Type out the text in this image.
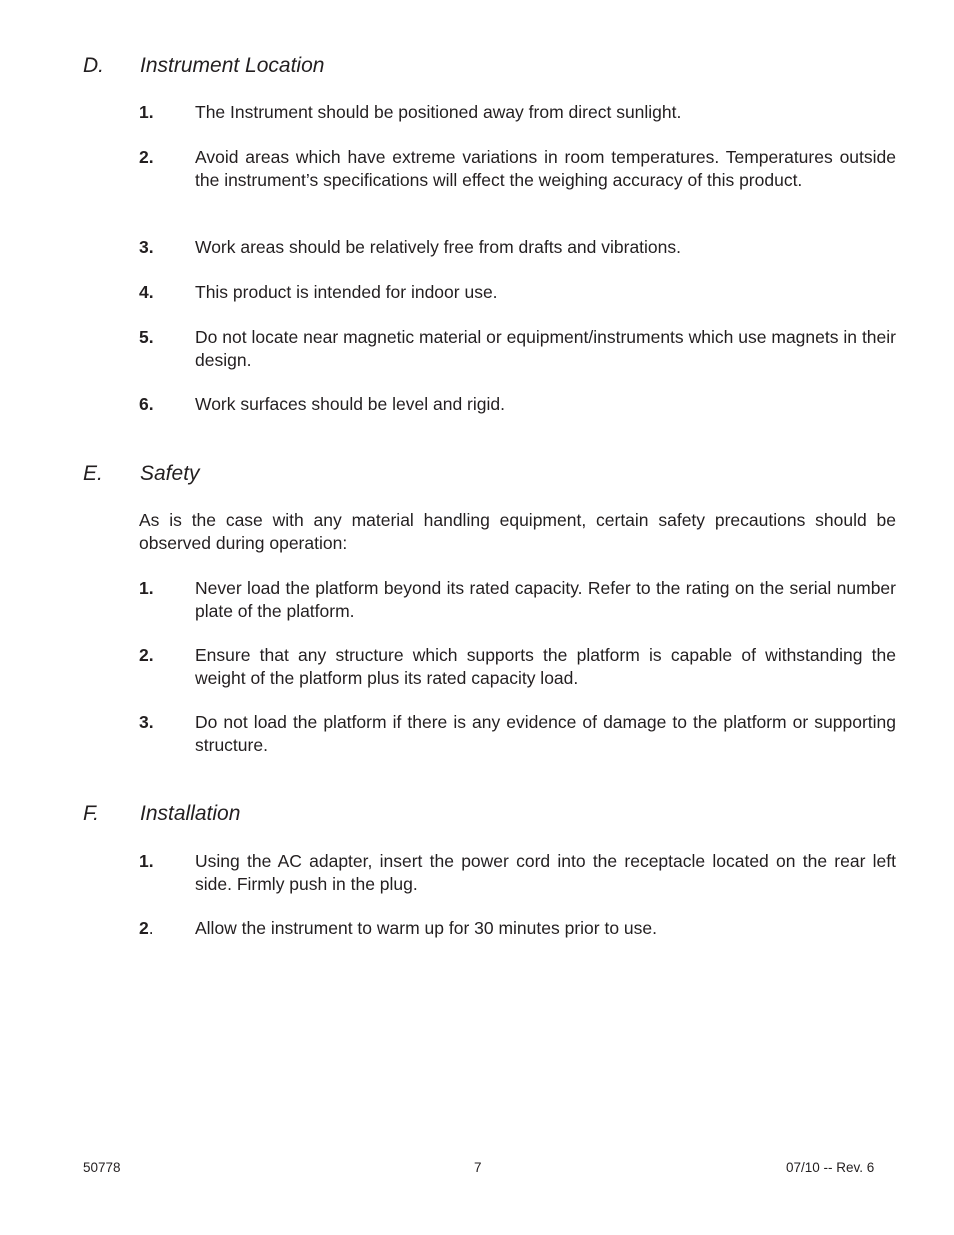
D. Instrument Location
1. The Instrument should be positioned away from direct sunlight.
2. Avoid areas which have extreme variations in room temperatures. Temperatures outside the instrument’s specifications will effect the weighing accuracy of this product.
3. Work areas should be relatively free from drafts and vibrations.
4. This product is intended for indoor use.
5. Do not locate near magnetic material or equipment/instruments which use magnets in their design.
6. Work surfaces should be level and rigid.
E. Safety
As is the case with any material handling equipment, certain safety precautions should be observed during operation:
1. Never load the platform beyond its rated capacity. Refer to the rating on the serial number plate of the platform.
2. Ensure that any structure which supports the platform is capable of withstanding the weight of the platform plus its rated capacity load.
3. Do not load the platform if there is any evidence of damage to the platform or supporting structure.
F. Installation
1. Using the AC adapter, insert the power cord into the receptacle located on the rear left side. Firmly push in the plug.
2. Allow the instrument to warm up for 30 minutes prior to use.
50778	7	07/10 -- Rev. 6
